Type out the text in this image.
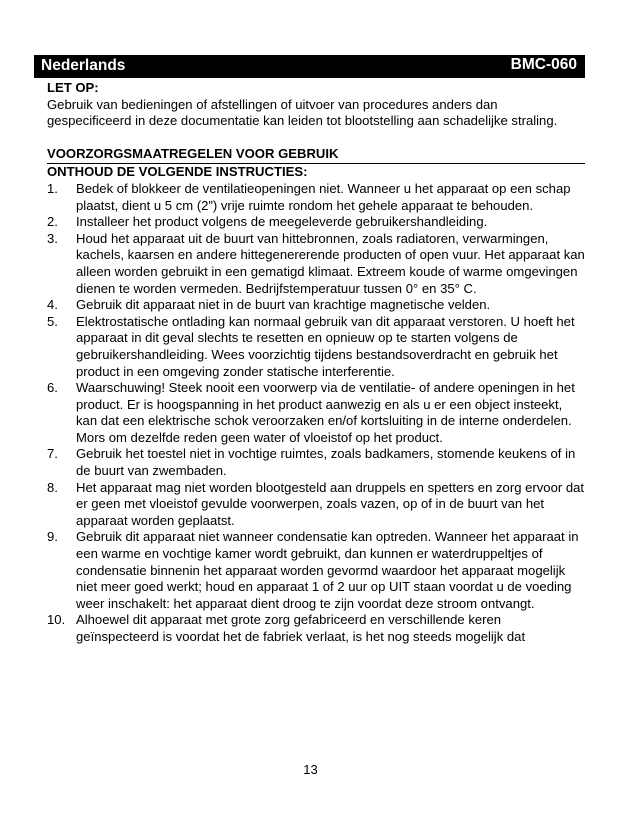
Nederlands	BMC-060
LET OP:

Gebruik van bedieningen of afstellingen of uitvoer van procedures anders dan gespecificeerd in deze documentatie kan leiden tot blootstelling aan schadelijke straling.

VOORZORGSMAATREGELEN VOOR GEBRUIK
ONTHOUD DE VOLGENDE INSTRUCTIES:
1. Bedek of blokkeer de ventilatieopeningen niet. Wanneer u het apparaat op een schap plaatst, dient u 5 cm (2”) vrije ruimte rondom het gehele apparaat te behouden.
2. Installeer het product volgens de meegeleverde gebruikershandleiding.
3. Houd het apparaat uit de buurt van hittebronnen, zoals radiatoren, verwarmingen, kachels, kaarsen en andere hittegenererende producten of open vuur. Het apparaat kan alleen worden gebruikt in een gematigd klimaat. Extreem koude of warme omgevingen dienen te worden vermeden. Bedrijfstemperatuur tussen 0° en 35° C.
4. Gebruik dit apparaat niet in de buurt van krachtige magnetische velden.
5. Elektrostatische ontlading kan normaal gebruik van dit apparaat verstoren. U hoeft het apparaat in dit geval slechts te resetten en opnieuw op te starten volgens de gebruikershandleiding. Wees voorzichtig tijdens bestandsoverdracht en gebruik het product in een omgeving zonder statische interferentie.
6. Waarschuwing! Steek nooit een voorwerp via de ventilatie- of andere openingen in het product. Er is hoogspanning in het product aanwezig en als u er een object insteekt, kan dat een elektrische schok veroorzaken en/of kortsluiting in de interne onderdelen. Mors om dezelfde reden geen water of vloeistof op het product.
7. Gebruik het toestel niet in vochtige ruimtes, zoals badkamers, stomende keukens of in de buurt van zwembaden.
8. Het apparaat mag niet worden blootgesteld aan druppels en spetters en zorg ervoor dat er geen met vloeistof gevulde voorwerpen, zoals vazen, op of in de buurt van het apparaat worden geplaatst.
9. Gebruik dit apparaat niet wanneer condensatie kan optreden. Wanneer het apparaat in een warme en vochtige kamer wordt gebruikt, dan kunnen er waterdruppeltjes of condensatie binnenin het apparaat worden gevormd waardoor het apparaat mogelijk niet meer goed werkt; houd en apparaat 1 of 2 uur op UIT staan voordat u de voeding weer inschakelt: het apparaat dient droog te zijn voordat deze stroom ontvangt.
10. Alhoewel dit apparaat met grote zorg gefabriceerd en verschillende keren geïnspecteerd is voordat het de fabriek verlaat, is het nog steeds mogelijk dat
13
